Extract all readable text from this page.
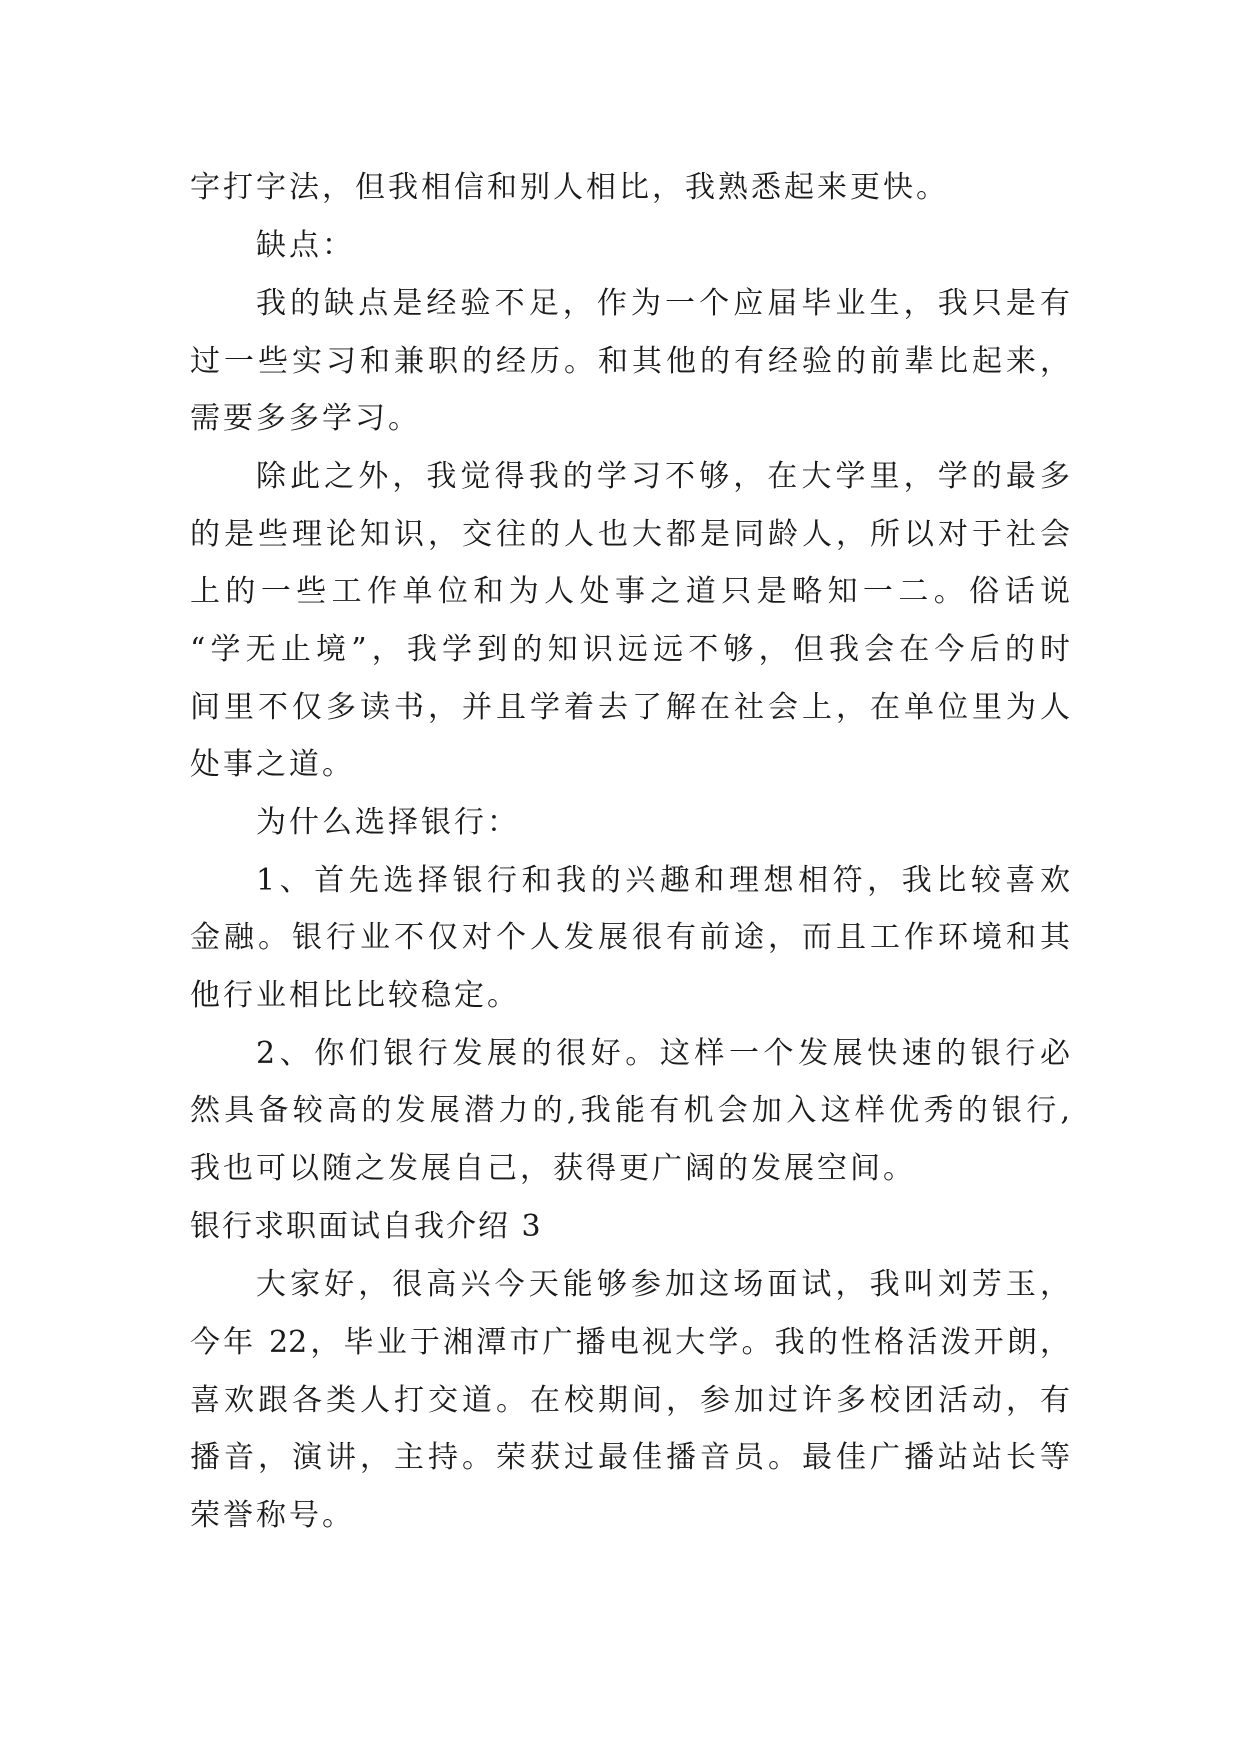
字打字法，但我相信和别人相比，我熟悉起来更快。
缺点：
我的缺点是经验不足，作为一个应届毕业生，我只是有
过一些实习和兼职的经历。和其他的有经验的前辈比起来，
需要多多学习。
除此之外，我觉得我的学习不够，在大学里，学的最多
的是些理论知识，交往的人也大都是同龄人，所以对于社会
上的一些工作单位和为人处事之道只是略知一二。俗话说
“学无止境”，我学到的知识远远不够，但我会在今后的时
间里不仅多读书，并且学着去了解在社会上，在单位里为人
处事之道。
为什么选择银行：
1、首先选择银行和我的兴趣和理想相符，我比较喜欢
金融。银行业不仅对个人发展很有前途，而且工作环境和其
他行业相比比较稳定。
2、你们银行发展的很好。这样一个发展快速的银行必
然具备较高的发展潜力的,我能有机会加入这样优秀的银行,
我也可以随之发展自己，获得更广阔的发展空间。
银行求职面试自我介绍 3
大家好，很高兴今天能够参加这场面试，我叫刘芳玉，
今年 22，毕业于湘潭市广播电视大学。我的性格活泼开朗，
喜欢跟各类人打交道。在校期间，参加过许多校团活动，有
播音，演讲，主持。荣获过最佳播音员。最佳广播站站长等
荣誉称号。
